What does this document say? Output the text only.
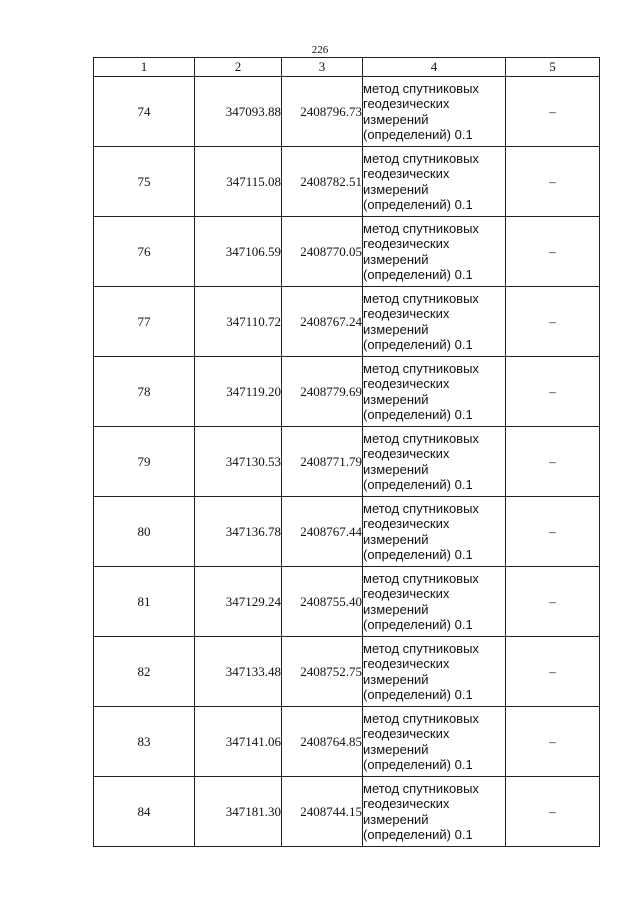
226
1	2	3	4	5
74	347093.88	2408796.73	метод спутниковых
геодезических
измерений
(определений) 0.1	–
75	347115.08	2408782.51	метод спутниковых
геодезических
измерений
(определений) 0.1	–
76	347106.59	2408770.05	метод спутниковых
геодезических
измерений
(определений) 0.1	–
77	347110.72	2408767.24	метод спутниковых
геодезических
измерений
(определений) 0.1	–
78	347119.20	2408779.69	метод спутниковых
геодезических
измерений
(определений) 0.1	–
79	347130.53	2408771.79	метод спутниковых
геодезических
измерений
(определений) 0.1	–
80	347136.78	2408767.44	метод спутниковых
геодезических
измерений
(определений) 0.1	–
81	347129.24	2408755.40	метод спутниковых
геодезических
измерений
(определений) 0.1	–
82	347133.48	2408752.75	метод спутниковых
геодезических
измерений
(определений) 0.1	–
83	347141.06	2408764.85	метод спутниковых
геодезических
измерений
(определений) 0.1	–
84	347181.30	2408744.15	метод спутниковых
геодезических
измерений
(определений) 0.1	–
